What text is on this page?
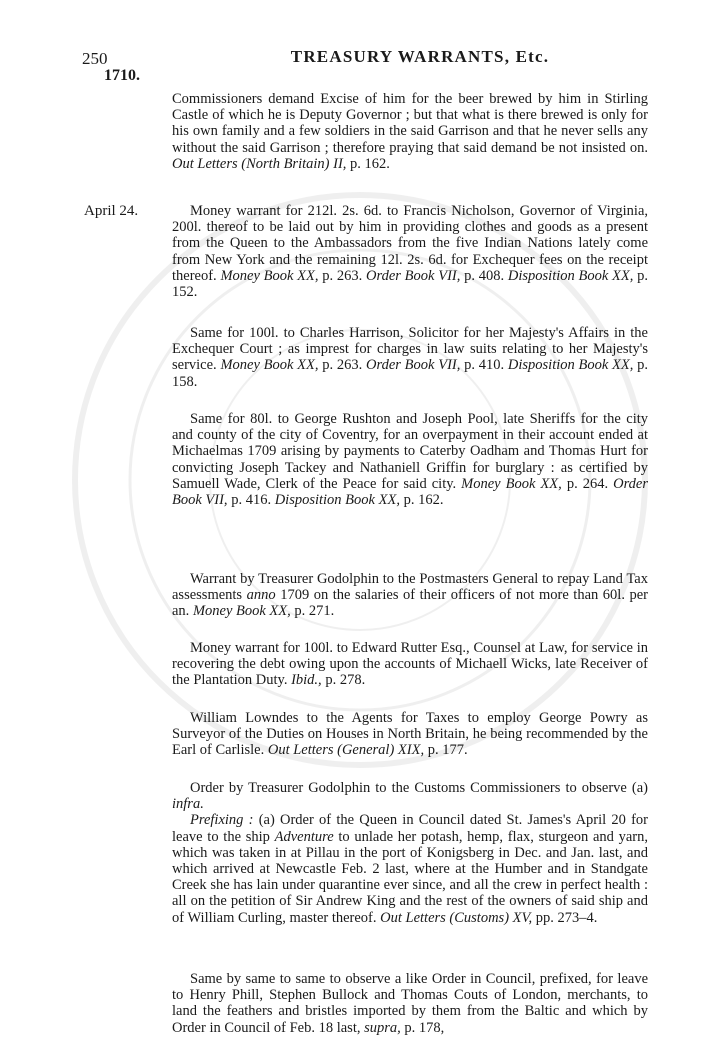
250
1710.
TREASURY WARRANTS, Etc.

Commissioners demand Excise of him for the beer brewed by him in Stirling Castle of which he is Deputy Governor ; but that what is there brewed is only for his own family and a few soldiers in the said Garrison and that he never sells any without the said Garrison ; therefore praying that said demand be not insisted on. Out Letters (North Britain) II, p. 162.

April 24.	Money warrant for 212l. 2s. 6d. to Francis Nicholson, Governor of Virginia, 200l. thereof to be laid out by him in providing clothes and goods as a present from the Queen to the Ambassadors from the five Indian Nations lately come from New York and the remaining 12l. 2s. 6d. for Exchequer fees on the receipt thereof. Money Book XX, p. 263. Order Book VII, p. 408. Disposition Book XX, p. 152.

Same for 100l. to Charles Harrison, Solicitor for her Majesty's Affairs in the Exchequer Court ; as imprest for charges in law suits relating to her Majesty's service. Money Book XX, p. 263. Order Book VII, p. 410. Disposition Book XX, p. 158.

Same for 80l. to George Rushton and Joseph Pool, late Sheriffs for the city and county of the city of Coventry, for an overpayment in their account ended at Michaelmas 1709 arising by payments to Caterby Oadham and Thomas Hurt for convicting Joseph Tackey and Nathaniell Griffin for burglary : as certified by Samuell Wade, Clerk of the Peace for said city. Money Book XX, p. 264. Order Book VII, p. 416. Disposition Book XX, p. 162.

Warrant by Treasurer Godolphin to the Postmasters General to repay Land Tax assessments anno 1709 on the salaries of their officers of not more than 60l. per an. Money Book XX, p. 271.

Money warrant for 100l. to Edward Rutter Esq., Counsel at Law, for service in recovering the debt owing upon the accounts of Michaell Wicks, late Receiver of the Plantation Duty. Ibid., p. 278.

William Lowndes to the Agents for Taxes to employ George Powry as Surveyor of the Duties on Houses in North Britain, he being recommended by the Earl of Carlisle. Out Letters (General) XIX, p. 177.

Order by Treasurer Godolphin to the Customs Commissioners to observe (a) infra.

Prefixing : (a) Order of the Queen in Council dated St. James's April 20 for leave to the ship Adventure to unlade her potash, hemp, flax, sturgeon and yarn, which was taken in at Pillau in the port of Konigsberg in Dec. and Jan. last, and which arrived at Newcastle Feb. 2 last, where at the Humber and in Standgate Creek she has lain under quarantine ever since, and all the crew in perfect health : all on the petition of Sir Andrew King and the rest of the owners of said ship and of William Curling, master thereof. Out Letters (Customs) XV, pp. 273–4.

Same by same to same to observe a like Order in Council, prefixed, for leave to Henry Phill, Stephen Bullock and Thomas Couts of London, merchants, to land the feathers and bristles imported by them from the Baltic and which by Order in Council of Feb. 18 last, supra, p. 178,
